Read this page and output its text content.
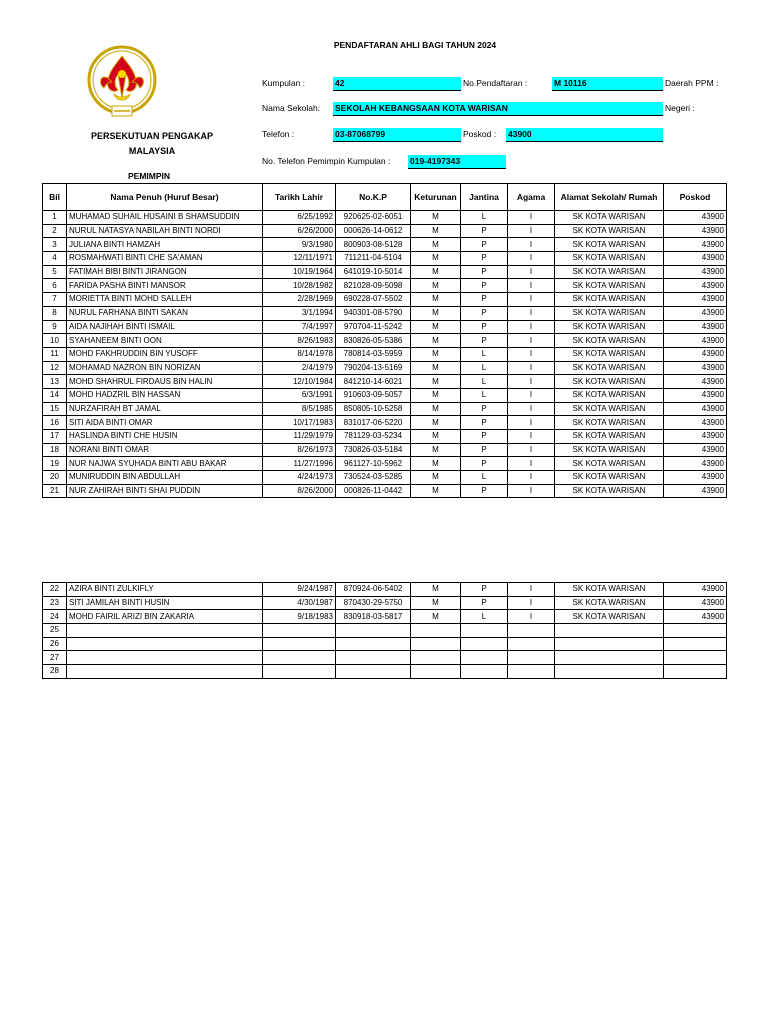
PENDAFTARAN AHLI BAGI TAHUN 2024
PERSEKUTUAN PENGAKAP
MALAYSIA
PEMIMPIN
Kumpulan :	42	No.Pendaftaran :	M 10116	Daerah PPM :
Nama Sekolah: SEKOLAH KEBANGSAAN KOTA WARISAN	Negeri :
Telefon :	03-87068799	Poskod : 43900
No. Telefon Pemimpin Kumpulan : 019-4197343
Bil	Nama Penuh (Huruf Besar)	Tarikh Lahir	No.K.P	Keturunan	Jantina	Agama	Alamat Sekolah/ Rumah	Poskod
1	MUHAMAD SUHAIL HUSAINI B SHAMSUDDIN	6/25/1992	920625-02-6051	M	L	I	SK KOTA WARISAN	43900
2	NURUL NATASYA NABILAH BINTI NORDI	6/26/2000	000626-14-0612	M	P	I	SK KOTA WARISAN	43900
3	JULIANA BINTI HAMZAH	9/3/1980	800903-08-5128	M	P	I	SK KOTA WARISAN	43900
4	ROSMAHWATI BINTI CHE SA'AMAN	12/11/1971	711211-04-5104	M	P	I	SK KOTA WARISAN	43900
5	FATIMAH BIBI BINTI JIRANGON	10/19/1964	641019-10-5014	M	P	I	SK KOTA WARISAN	43900
6	FARIDA PASHA BINTI MANSOR	10/28/1982	821028-09-5098	M	P	I	SK KOTA WARISAN	43900
7	MORIETTA BINTI MOHD SALLEH	2/28/1969	690228-07-5502	M	P	I	SK KOTA WARISAN	43900
8	NURUL FARHANA BINTI SAKAN	3/1/1994	940301-08-5790	M	P	I	SK KOTA WARISAN	43900
9	AIDA NAJIHAH BINTI ISMAIL	7/4/1997	970704-11-5242	M	P	I	SK KOTA WARISAN	43900
10	SYAHANEEM BINTI OON	8/26/1983	830826-05-5386	M	P	I	SK KOTA WARISAN	43900
11	MOHD FAKHRUDDIN BIN YUSOFF	8/14/1978	780814-03-5959	M	L	I	SK KOTA WARISAN	43900
12	MOHAMAD NAZRON BIN NORIZAN	2/4/1979	790204-13-5169	M	L	I	SK KOTA WARISAN	43900
13	MOHD SHAHRUL FIRDAUS BIN HALIN	12/10/1984	841210-14-6021	M	L	I	SK KOTA WARISAN	43900
14	MOHD HADZRIL BIN HASSAN	6/3/1991	910603-09-5057	M	L	I	SK KOTA WARISAN	43900
15	NURZAFIRAH BT JAMAL	8/5/1985	850805-10-5258	M	P	I	SK KOTA WARISAN	43900
16	SITI AIDA BINTI OMAR	10/17/1983	831017-06-5220	M	P	I	SK KOTA WARISAN	43900
17	HASLINDA BINTI CHE HUSIN	11/29/1979	781129-03-5234	M	P	I	SK KOTA WARISAN	43900
18	NORANI BINTI OMAR	8/26/1973	730826-03-5184	M	P	I	SK KOTA WARISAN	43900
19	NUR NAJWA SYUHADA BINTI ABU BAKAR	11/27/1996	961127-10-5962	M	P	I	SK KOTA WARISAN	43900
20	MUNIRUDDIN BIN ABDULLAH	4/24/1973	730524-03-5285	M	L	I	SK KOTA WARISAN	43900
21	NUR ZAHIRAH BINTI SHAI PUDDIN	8/26/2000	000826-11-0442	M	P	I	SK KOTA WARISAN	43900
22	AZIRA BINTI ZULKIFLY	9/24/1987	870924-06-5402	M	P	I	SK KOTA WARISAN	43900
23	SITI JAMILAH BINTI HUSIN	4/30/1987	870430-29-5750	M	P	I	SK KOTA WARISAN	43900
24	MOHD FAIRIL ARIZI BIN ZAKARIA	9/18/1983	830918-03-5817	M	L	I	SK KOTA WARISAN	43900
25								
26								
27								
28								
